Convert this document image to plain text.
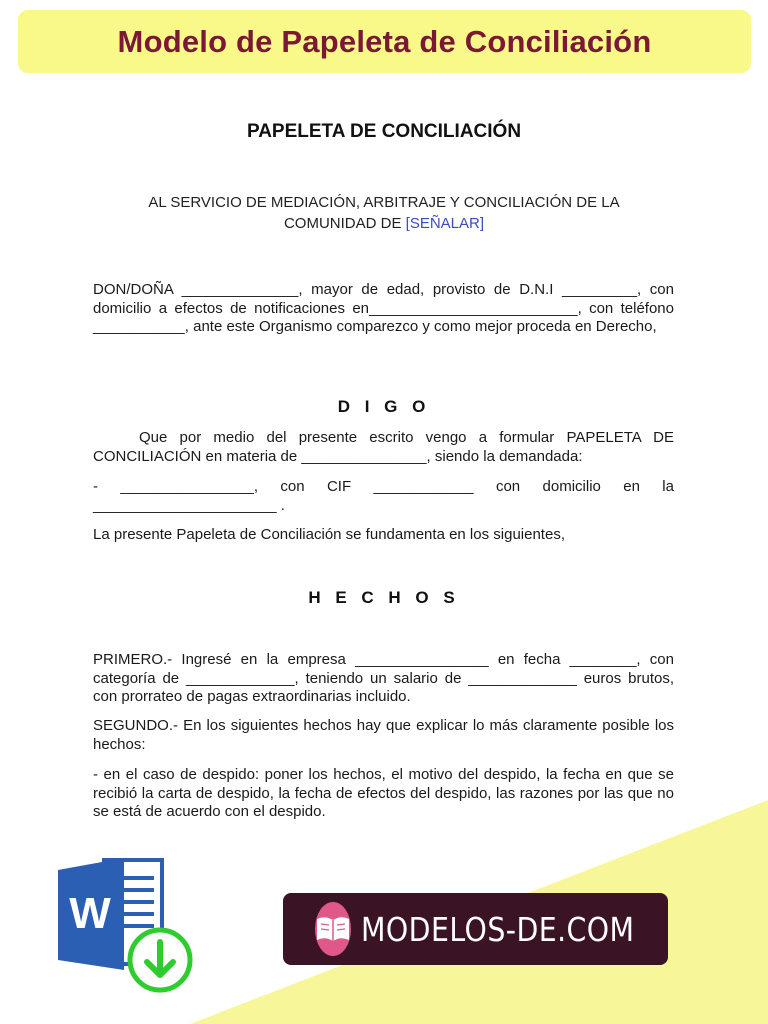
Modelo de Papeleta de Conciliación
PAPELETA DE CONCILIACIÓN
AL SERVICIO DE MEDIACIÓN, ARBITRAJE Y CONCILIACIÓN DE LA
COMUNIDAD DE [SEÑALAR]

DON/DOÑA ______________, mayor de edad, provisto de D.N.I _________, con domicilio a efectos de notificaciones en_________________________, con teléfono ___________, ante este Organismo comparezco y como mejor proceda en Derecho,

D I G O

Que por medio del presente escrito vengo a formular PAPELETA DE CONCILIACIÓN en materia de _______________, siendo la demandada:

- ________________, con CIF ____________ con domicilio en la ______________________ .

La presente Papeleta de Conciliación se fundamenta en los siguientes,

H E C H O S

PRIMERO.- Ingresé en la empresa ________________ en fecha ________, con categoría de _____________, teniendo un salario de _____________ euros brutos, con prorrateo de pagas extraordinarias incluido.

SEGUNDO.- En los siguientes hechos hay que explicar lo más claramente posible los hechos:

- en el caso de despido: poner los hechos, el motivo del despido, la fecha en que se recibió la carta de despido, la fecha de efectos del despido, las razones por las que no se está de acuerdo con el despido.

W	MODELOS-DE.COM
